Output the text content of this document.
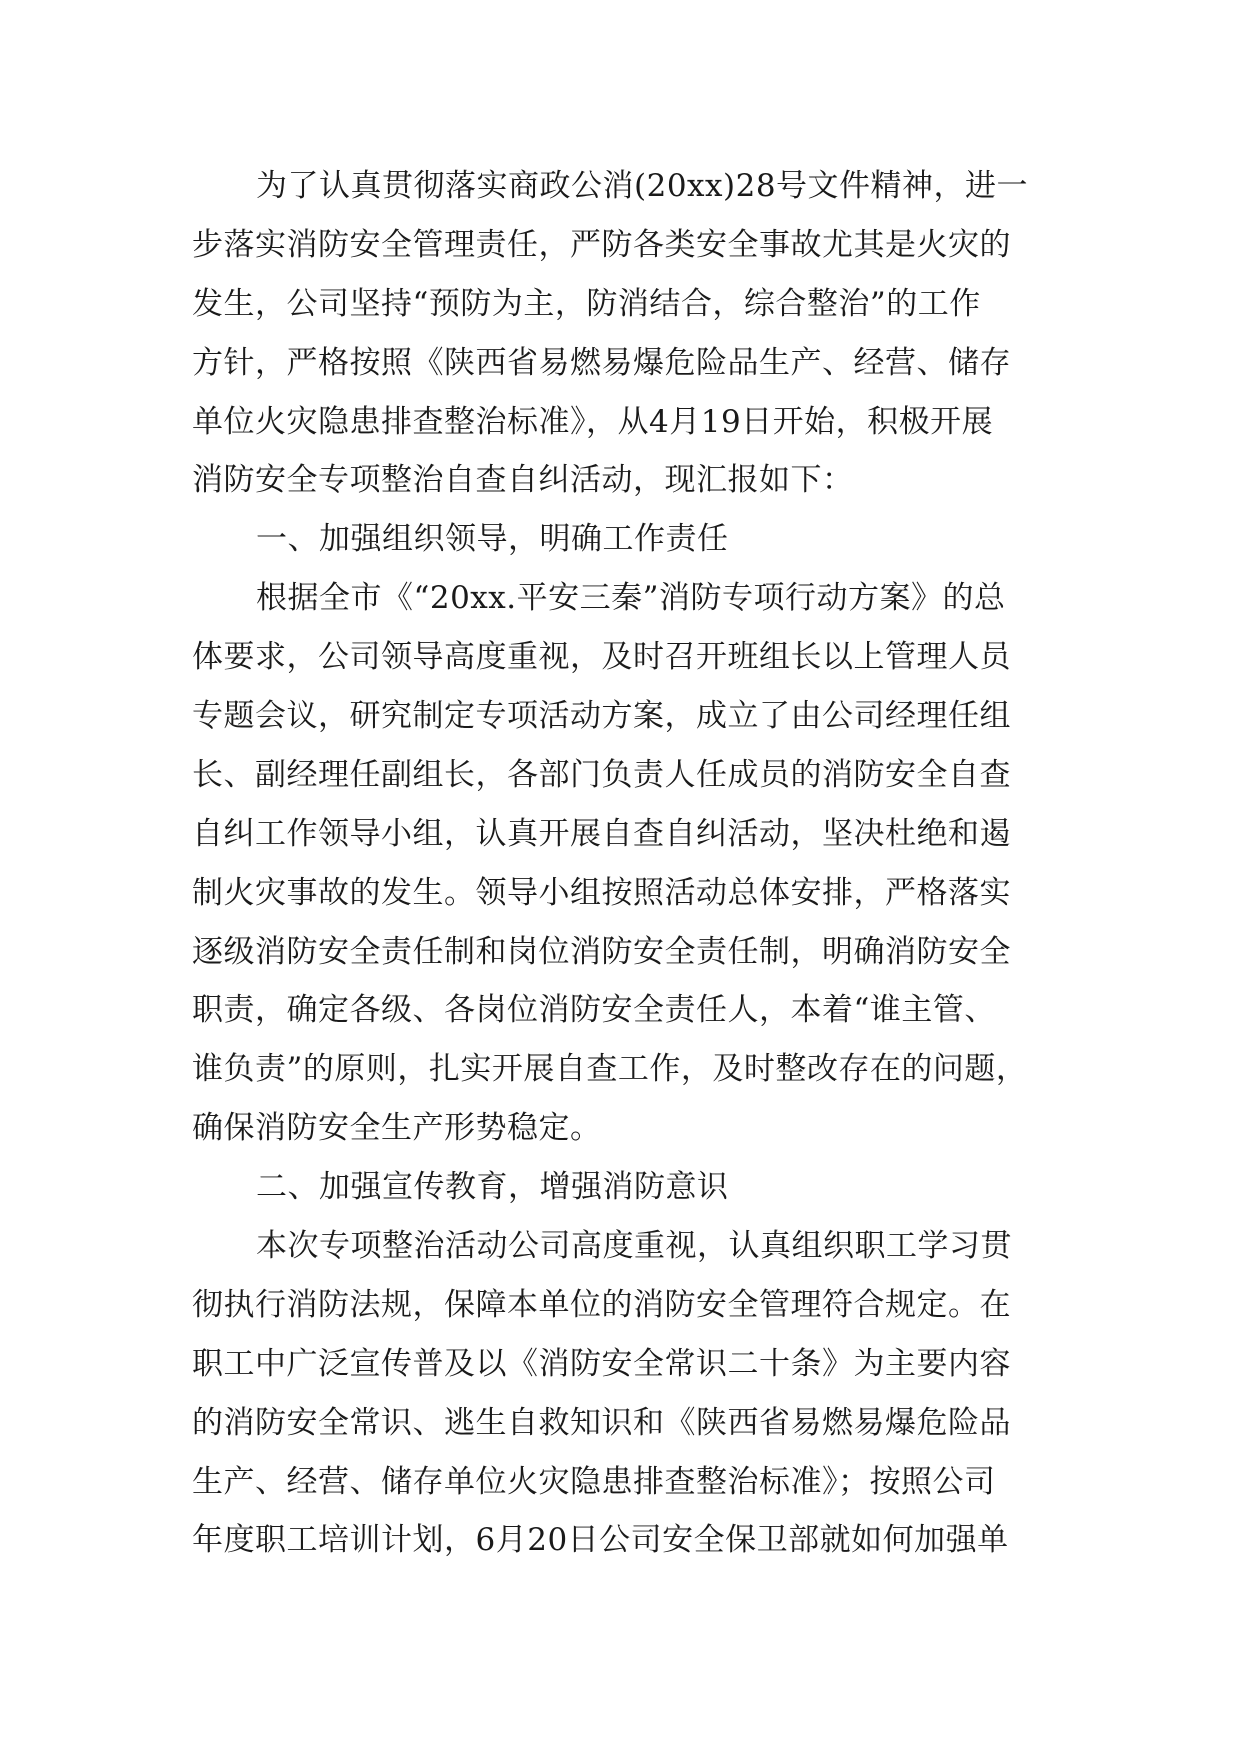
为了认真贯彻落实商政公消(20xx)28号文件精神，进一
步落实消防安全管理责任，严防各类安全事故尤其是火灾的
发生，公司坚持“预防为主，防消结合，综合整治”的工作
方针，严格按照《陕西省易燃易爆危险品生产、经营、储存
单位火灾隐患排查整治标准》，从4月19日开始，积极开展
消防安全专项整治自查自纠活动，现汇报如下：
一、加强组织领导，明确工作责任
根据全市《“20xx.平安三秦”消防专项行动方案》的总
体要求，公司领导高度重视，及时召开班组长以上管理人员
专题会议，研究制定专项活动方案，成立了由公司经理任组
长、副经理任副组长，各部门负责人任成员的消防安全自查
自纠工作领导小组，认真开展自查自纠活动，坚决杜绝和遏
制火灾事故的发生。领导小组按照活动总体安排，严格落实
逐级消防安全责任制和岗位消防安全责任制，明确消防安全
职责，确定各级、各岗位消防安全责任人，本着“谁主管、
谁负责”的原则，扎实开展自查工作，及时整改存在的问题，
确保消防安全生产形势稳定。
二、加强宣传教育，增强消防意识
本次专项整治活动公司高度重视，认真组织职工学习贯
彻执行消防法规，保障本单位的消防安全管理符合规定。在
职工中广泛宣传普及以《消防安全常识二十条》为主要内容
的消防安全常识、逃生自救知识和《陕西省易燃易爆危险品
生产、经营、储存单位火灾隐患排查整治标准》；按照公司
年度职工培训计划，6月20日公司安全保卫部就如何加强单
